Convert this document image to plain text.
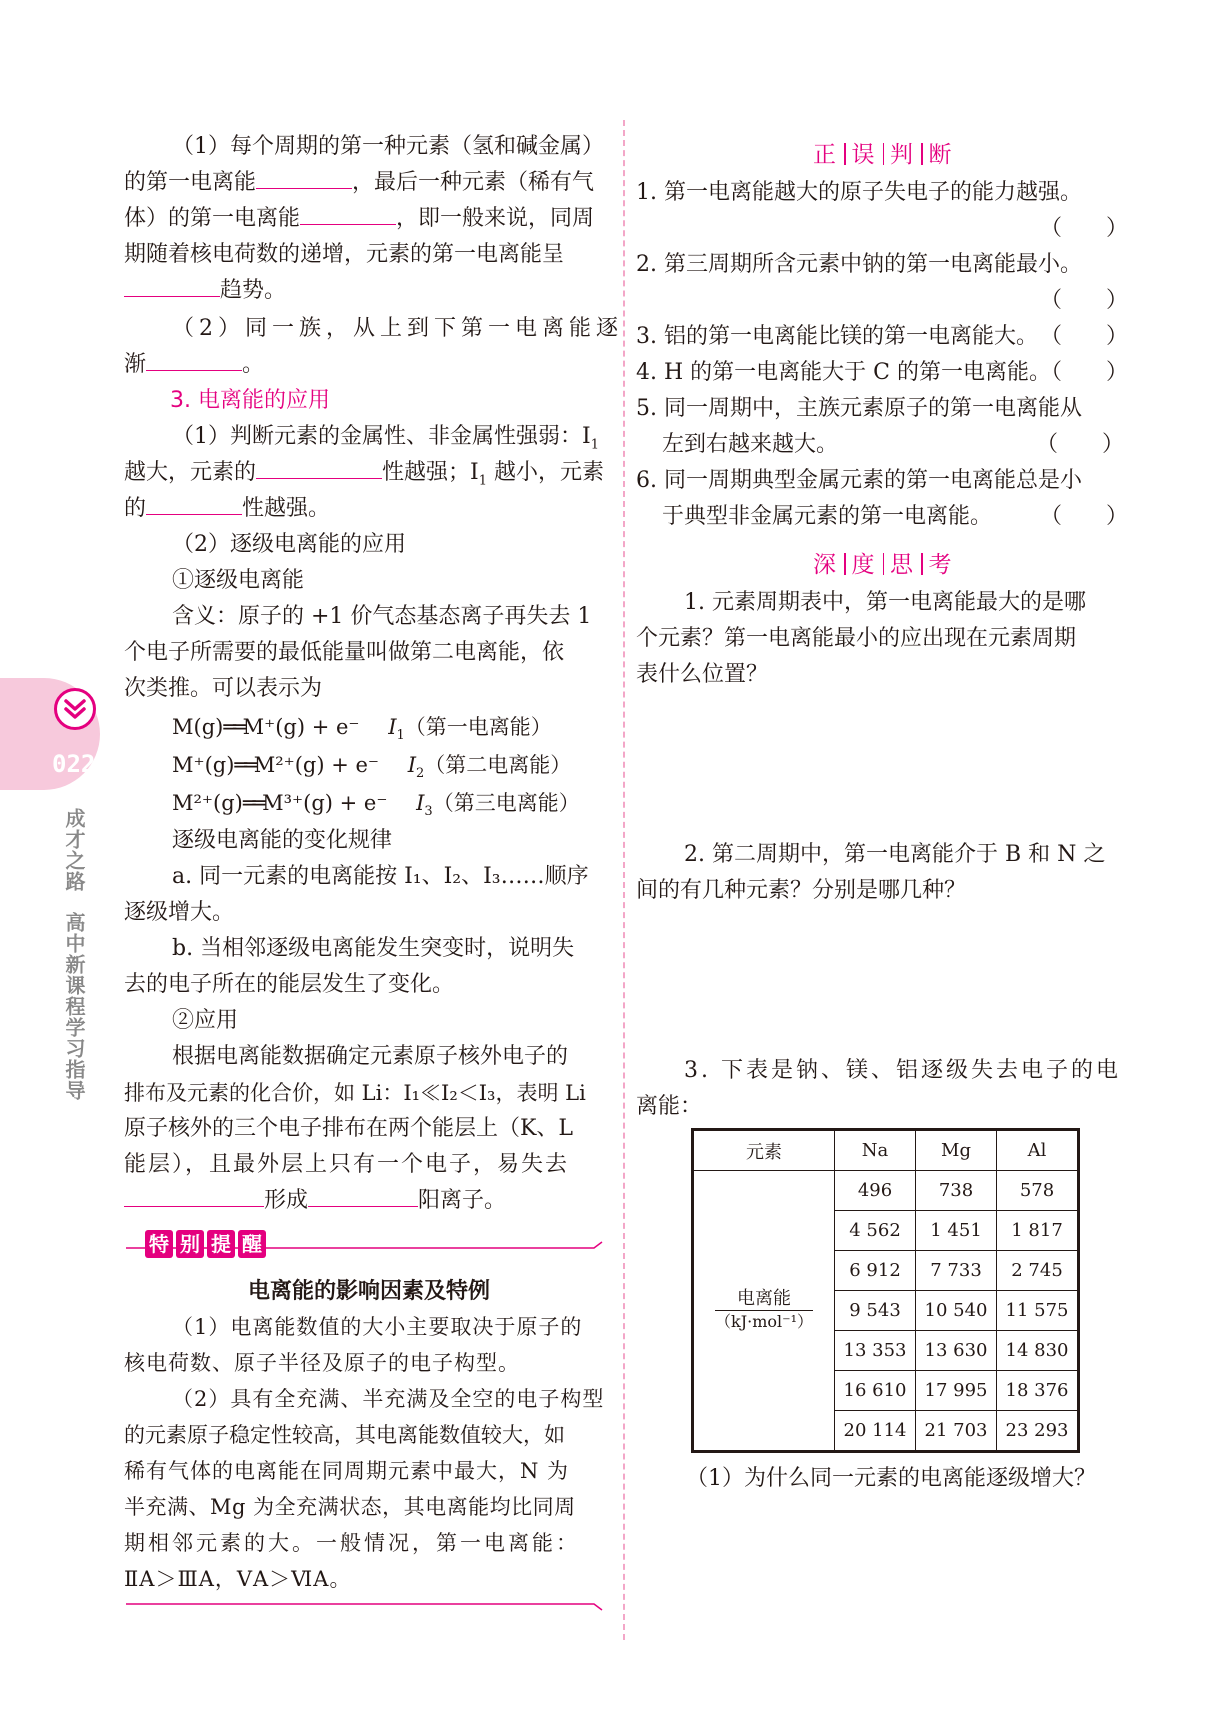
（1）每个周期的第一种元素（氢和碱金属）
的第一电离能	，最后一种元素（稀有气
体）的第一电离能	，即一般来说，同周
期随着核电荷数的递增，元素的第一电离能呈
趋势。
（2）同一族，从上到下第一电离能逐
渐	。
3. 电离能的应用
（1）判断元素的金属性、非金属性强弱：$I_1$
越大，元素的	性越强；$I_1$ 越小，元素
的	性越强。
（2）逐级电离能的应用
①逐级电离能
含义：原子的 +1 价气态基态离子再失去 1
个电子所需要的最低能量叫做第二电离能，依
次类推。可以表示为
M(g)══M⁺(g) + e⁻ $I_1$（第一电离能）
M⁺(g)══M²⁺(g) + e⁻ $I_2$（第二电离能）
M²⁺(g)══M³⁺(g) + e⁻ $I_3$（第三电离能）
逐级电离能的变化规律
a. 同一元素的电离能按 I₁、I₂、I₃……顺序
逐级增大。
b. 当相邻逐级电离能发生突变时，说明失
去的电子所在的能层发生了变化。
②应用
根据电离能数据确定元素原子核外电子的
排布及元素的化合价，如 Li：I₁≪I₂＜I₃，表明 Li
原子核外的三个电子排布在两个能层上（K、L
能层），且最外层上只有一个电子，易失去
形成	阳离子。
特 别 提 醒
电离能的影响因素及特例
（1）电离能数值的大小主要取决于原子的
核电荷数、原子半径及原子的电子构型。
（2）具有全充满、半充满及全空的电子构型
的元素原子稳定性较高，其电离能数值较大，如
稀有气体的电离能在同周期元素中最大，N 为
半充满、Mg 为全充满状态，其电离能均比同周
期相邻元素的大。一般情况，第一电离能：
ⅡA＞ⅢA，ⅤA＞ⅥA。
正 误 判 断
1. 第一电离能越大的原子失电子的能力越强。
（　　）
2. 第三周期所含元素中钠的第一电离能最小。
（　　）
3. 铝的第一电离能比镁的第一电离能大。 （　　）
4. H 的第一电离能大于 C 的第一电离能。
（　　）
5. 同一周期中，主族元素原子的第一电离能从
左到右越来越大。	（　　）
6. 同一周期典型金属元素的第一电离能总是小
于典型非金属元素的第一电离能。 （　　）
深 度 思 考
1. 元素周期表中，第一电离能最大的是哪
个元素？第一电离能最小的应出现在元素周期
表什么位置？
2. 第二周期中，第一电离能介于 B 和 N 之
间的有几种元素？分别是哪几种？
3. 下表是钠、镁、铝逐级失去电子的电
离能：
元素	Na	Mg	Al

$\frac{\text{电离能}}{\text{（kJ·mol⁻¹）}}$	496	738	578
	4 562	1 451	1 817
	6 912	7 733	2 745
	9 543	10 540	11 575
	13 353	13 630	14 830
	16 610	17 995	18 376
	20 114	21 703	23 293
（1）为什么同一元素的电离能逐级增大？
022
成才之路
高中新课程学习指导
